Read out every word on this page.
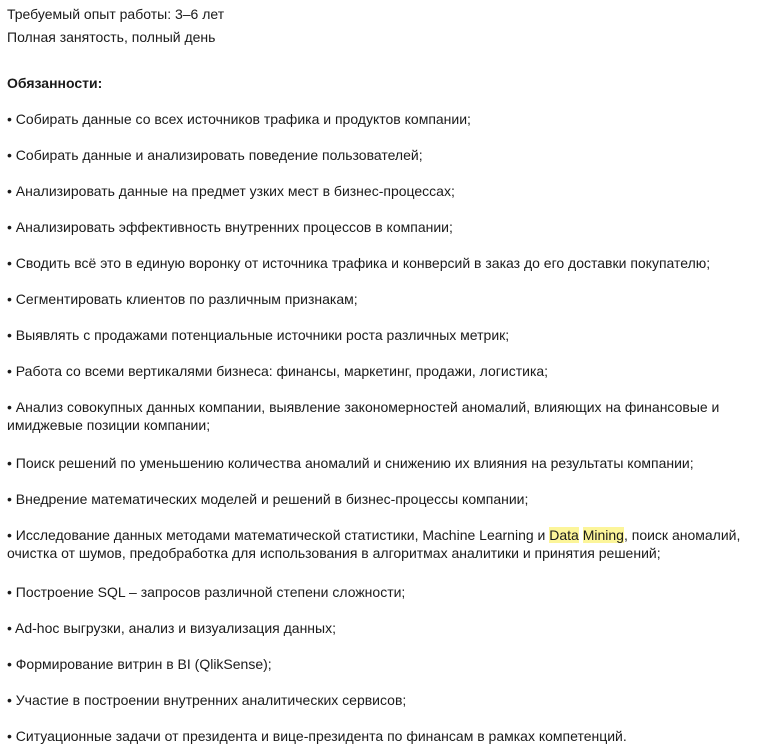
Требуемый опыт работы: 3–6 лет
Полная занятость, полный день
Обязанности:
• Собирать данные со всех источников трафика и продуктов компании;
• Собирать данные и анализировать поведение пользователей;
• Анализировать данные на предмет узких мест в бизнес-процессах;
• Анализировать эффективность внутренних процессов в компании;
• Сводить всё это в единую воронку от источника трафика и конверсий в заказ до его доставки покупателю;
• Сегментировать клиентов по различным признакам;
• Выявлять с продажами потенциальные источники роста различных метрик;
• Работа со всеми вертикалями бизнеса: финансы, маркетинг, продажи, логистика;
• Анализ совокупных данных компании, выявление закономерностей аномалий, влияющих на финансовые и имиджевые позиции компании;
• Поиск решений по уменьшению количества аномалий и снижению их влияния на результаты компании;
• Внедрение математических моделей и решений в бизнес-процессы компании;
• Исследование данных методами математической статистики, Machine Learning и Data Mining, поиск аномалий, очистка от шумов, предобработка для использования в алгоритмах аналитики и принятия решений;
• Построение SQL – запросов различной степени сложности;
• Ad-hoc выгрузки, анализ и визуализация данных;
• Формирование витрин в BI (QlikSense);
• Участие в построении внутренних аналитических сервисов;
• Ситуационные задачи от президента и вице-президента по финансам в рамках компетенций.
